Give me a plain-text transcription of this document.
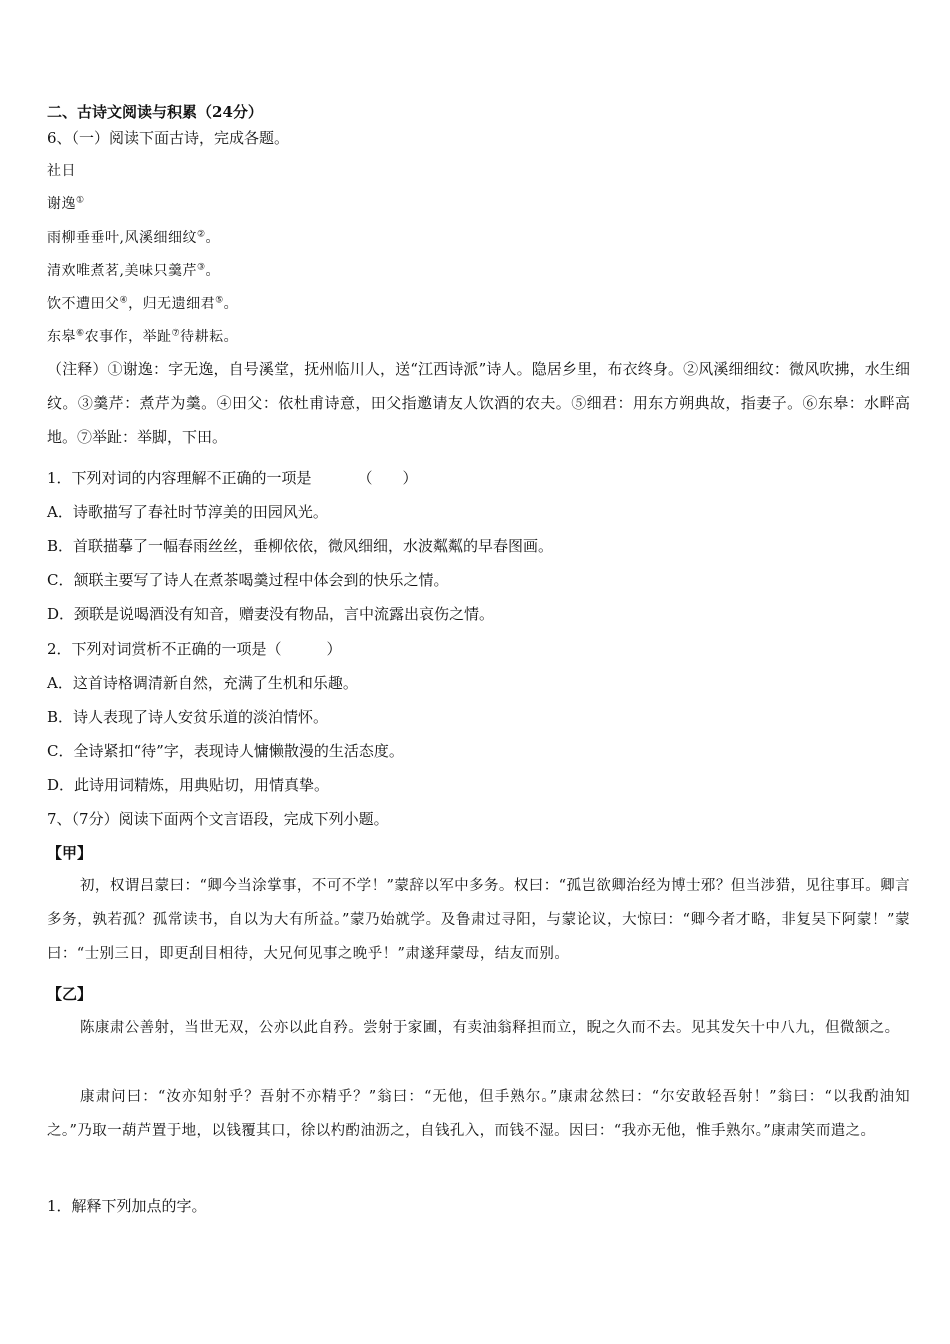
二、古诗文阅读与积累（24分）
6、（一）阅读下面古诗，完成各题。
社日
谢逸①
雨柳垂垂叶,风溪细细纹②。
清欢唯煮茗,美味只羹芹③。
饮不遭田父④，归无遗细君⑤。
东皋⑥农事作，举趾⑦待耕耘。
（注释）①谢逸：字无逸，自号溪堂，抚州临川人，送“江西诗派”诗人。隐居乡里，布衣终身。②风溪细细纹：微风吹拂，水生细纹。③羹芹：煮芹为羹。④田父：依杜甫诗意，田父指邀请友人饮酒的农夫。⑤细君：用东方朔典故，指妻子。⑥东皋：水畔高地。⑦举趾：举脚，下田。
1．下列对词的内容理解不正确的一项是	（　　）
A．诗歌描写了春社时节淳美的田园风光。
B．首联描摹了一幅春雨丝丝，垂柳依依，微风细细，水波粼粼的早春图画。
C．颔联主要写了诗人在煮茶喝羹过程中体会到的快乐之情。
D．颈联是说喝酒没有知音，赠妻没有物品，言中流露出哀伤之情。
2．下列对词赏析不正确的一项是（　　　）
A．这首诗格调清新自然，充满了生机和乐趣。
B．诗人表现了诗人安贫乐道的淡泊情怀。
C．全诗紧扣“待”字，表现诗人慵懒散漫的生活态度。
D．此诗用词精炼，用典贴切，用情真挚。
7、（7分）阅读下面两个文言语段，完成下列小题。
【甲】
初，权谓吕蒙曰：“卿今当涂掌事，不可不学！”蒙辞以军中多务。权曰：“孤岂欲卿治经为博士邪？但当涉猎，见往事耳。卿言多务，孰若孤？孤常读书，自以为大有所益。”蒙乃始就学。及鲁肃过寻阳，与蒙论议，大惊曰：“卿今者才略，非复吴下阿蒙！”蒙曰：“士别三日，即更刮目相待，大兄何见事之晚乎！”肃遂拜蒙母，结友而别。
【乙】
陈康肃公善射，当世无双，公亦以此自矜。尝射于家圃，有卖油翁释担而立，睨之久而不去。见其发矢十中八九，但微颔之。
康肃问曰：“汝亦知射乎？吾射不亦精乎？”翁曰：“无他，但手熟尔。”康肃忿然曰：“尔安敢轻吾射！”翁曰：“以我酌油知之。”乃取一葫芦置于地，以钱覆其口，徐以杓酌油沥之，自钱孔入，而钱不湿。因曰：“我亦无他，惟手熟尔。”康肃笑而遣之。
1．解释下列加点的字。
